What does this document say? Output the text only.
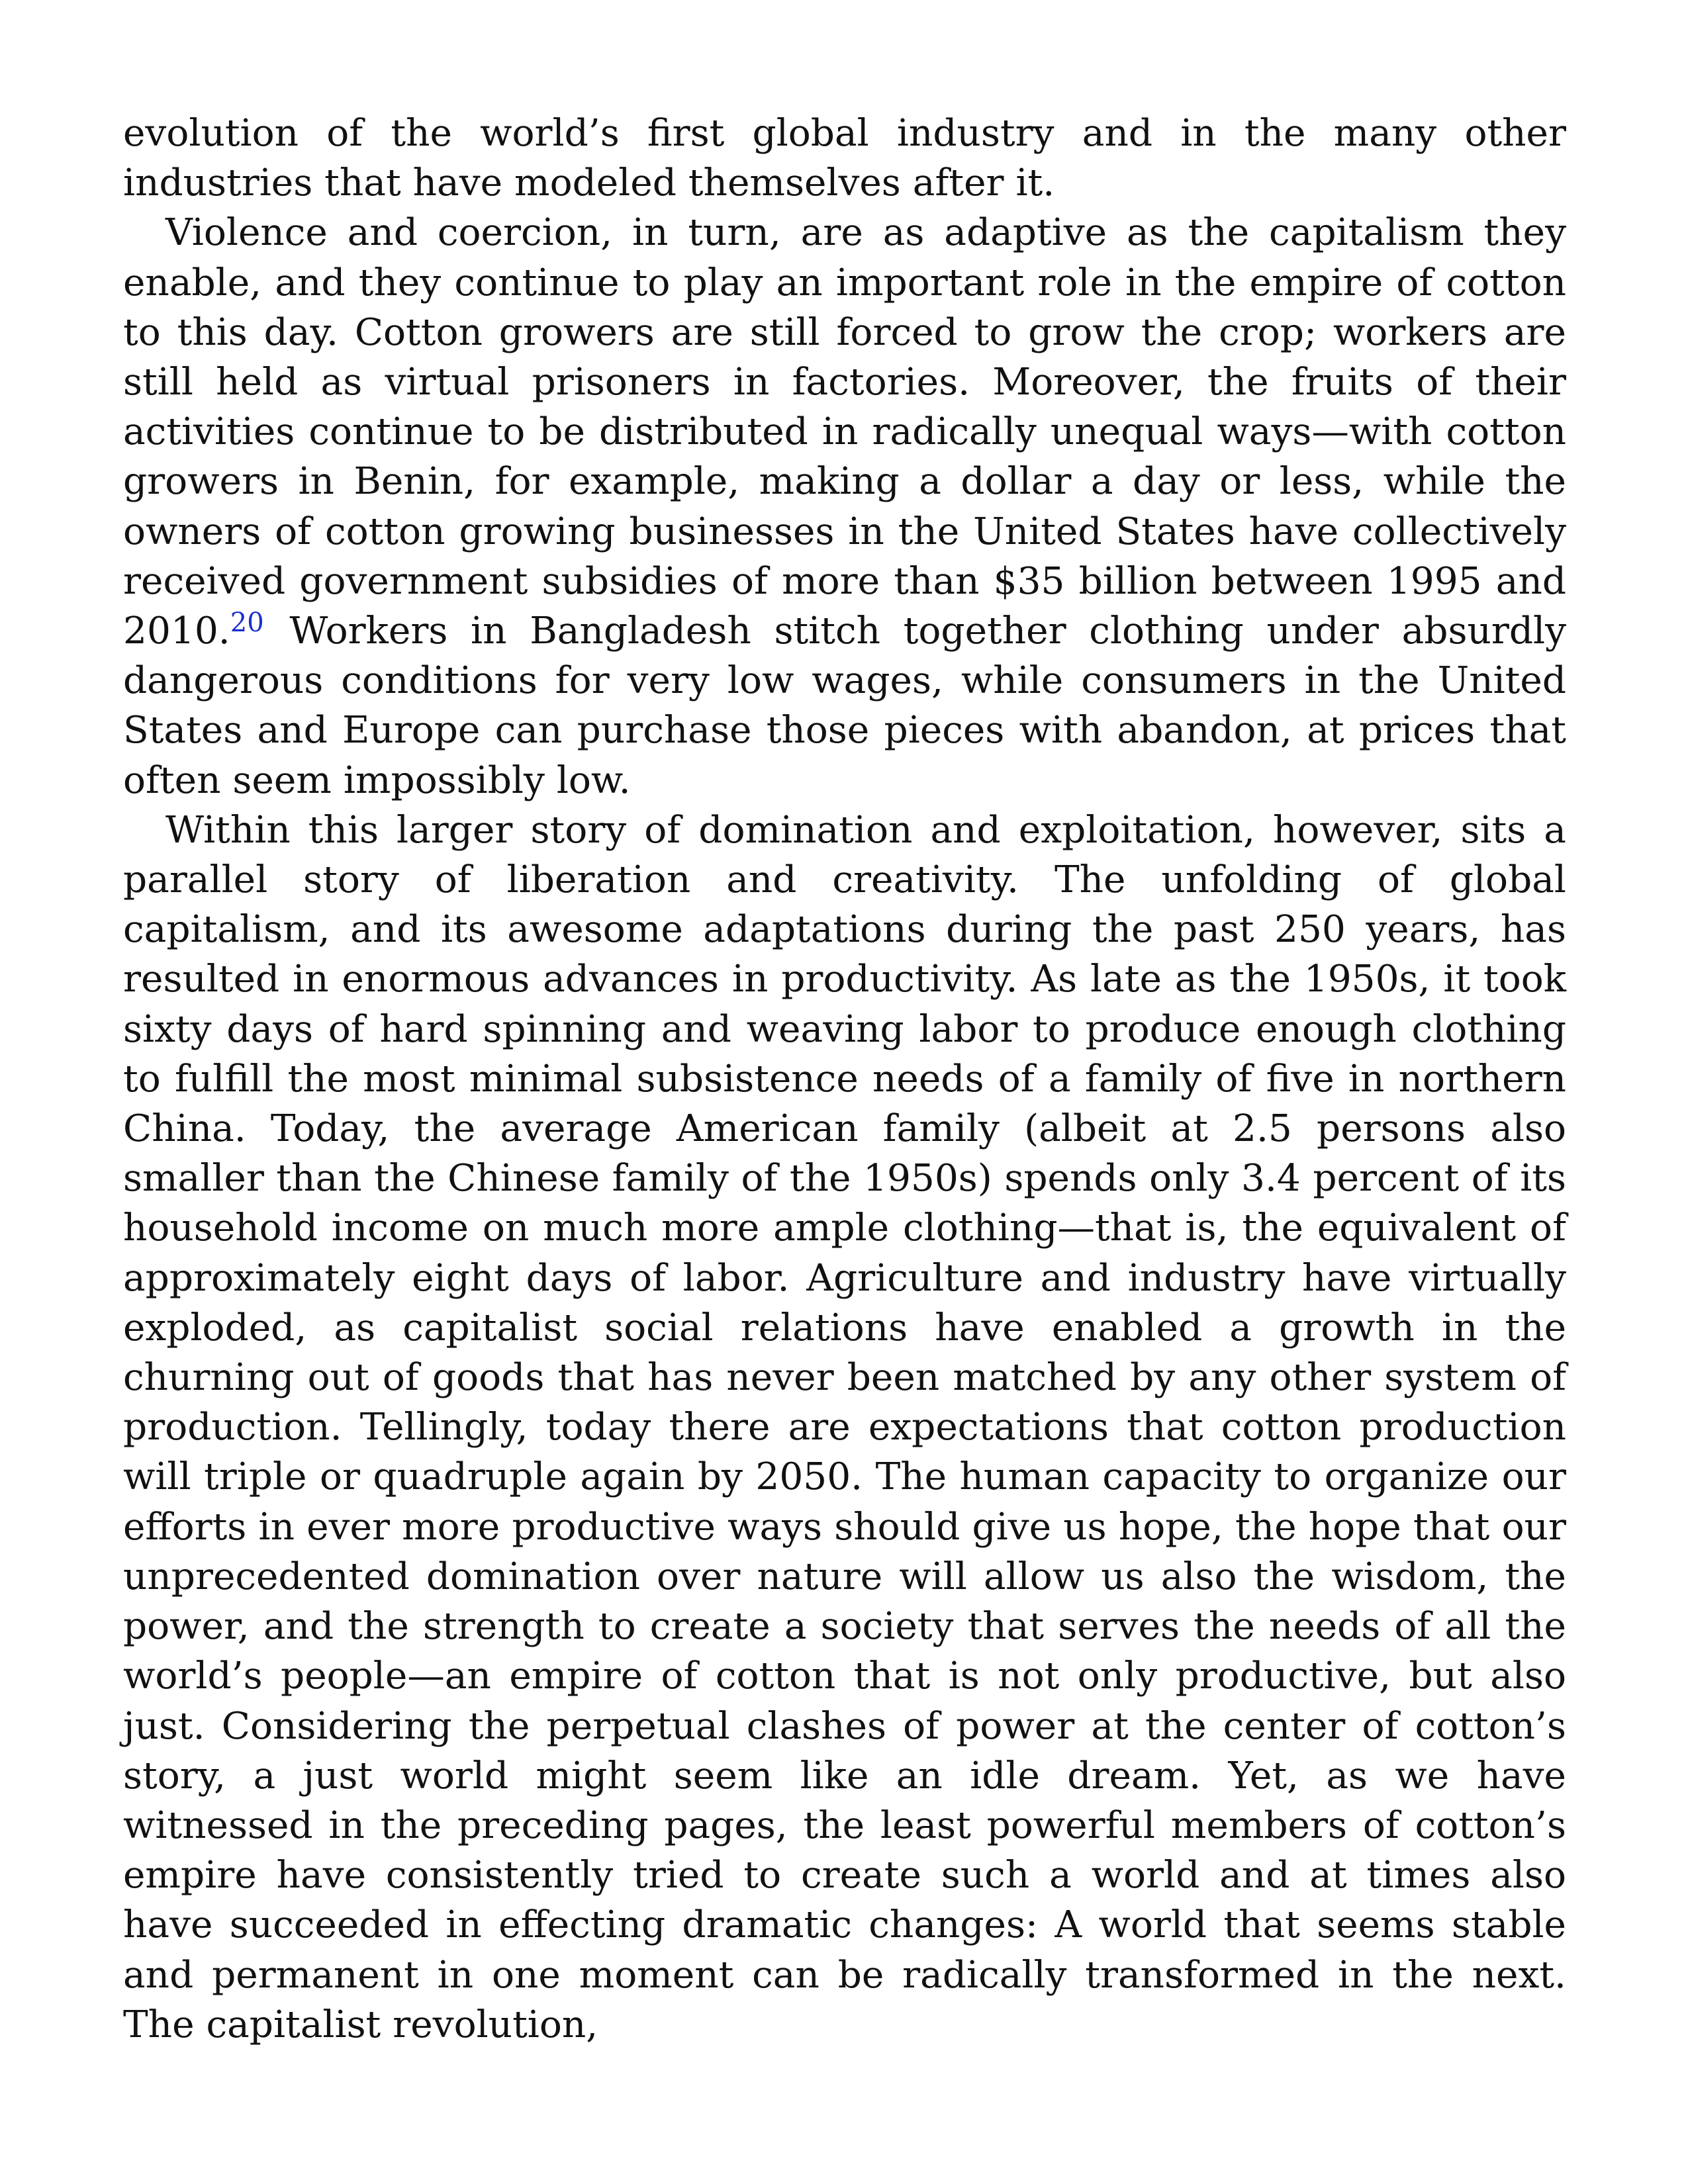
evolution of the world’s first global industry and in the many other industries that have modeled themselves after it.

Violence and coercion, in turn, are as adaptive as the capitalism they enable, and they continue to play an important role in the empire of cotton to this day. Cotton growers are still forced to grow the crop; workers are still held as virtual prisoners in factories. Moreover, the fruits of their activities continue to be distributed in radically unequal ways—with cotton growers in Benin, for example, making a dollar a day or less, while the owners of cotton growing businesses in the United States have collectively received government subsidies of more than $35 billion between 1995 and 2010.20 Workers in Bangladesh stitch together clothing under absurdly dangerous conditions for very low wages, while consumers in the United States and Europe can purchase those pieces with abandon, at prices that often seem impossibly low.

Within this larger story of domination and exploitation, however, sits a parallel story of liberation and creativity. The unfolding of global capitalism, and its awesome adaptations during the past 250 years, has resulted in enormous advances in productivity. As late as the 1950s, it took sixty days of hard spinning and weaving labor to produce enough clothing to fulfill the most minimal subsistence needs of a family of five in northern China. Today, the average American family (albeit at 2.5 persons also smaller than the Chinese family of the 1950s) spends only 3.4 percent of its household income on much more ample clothing—that is, the equivalent of approximately eight days of labor. Agriculture and industry have virtually exploded, as capitalist social relations have enabled a growth in the churning out of goods that has never been matched by any other system of production. Tellingly, today there are expectations that cotton production will triple or quadruple again by 2050. The human capacity to organize our efforts in ever more productive ways should give us hope, the hope that our unprecedented domination over nature will allow us also the wisdom, the power, and the strength to create a society that serves the needs of all the world’s people—an empire of cotton that is not only productive, but also just. Considering the perpetual clashes of power at the center of cotton’s story, a just world might seem like an idle dream. Yet, as we have witnessed in the preceding pages, the least powerful members of cotton’s empire have consistently tried to create such a world and at times also have succeeded in effecting dramatic changes: A world that seems stable and permanent in one moment can be radically transformed in the next. The capitalist revolution,
